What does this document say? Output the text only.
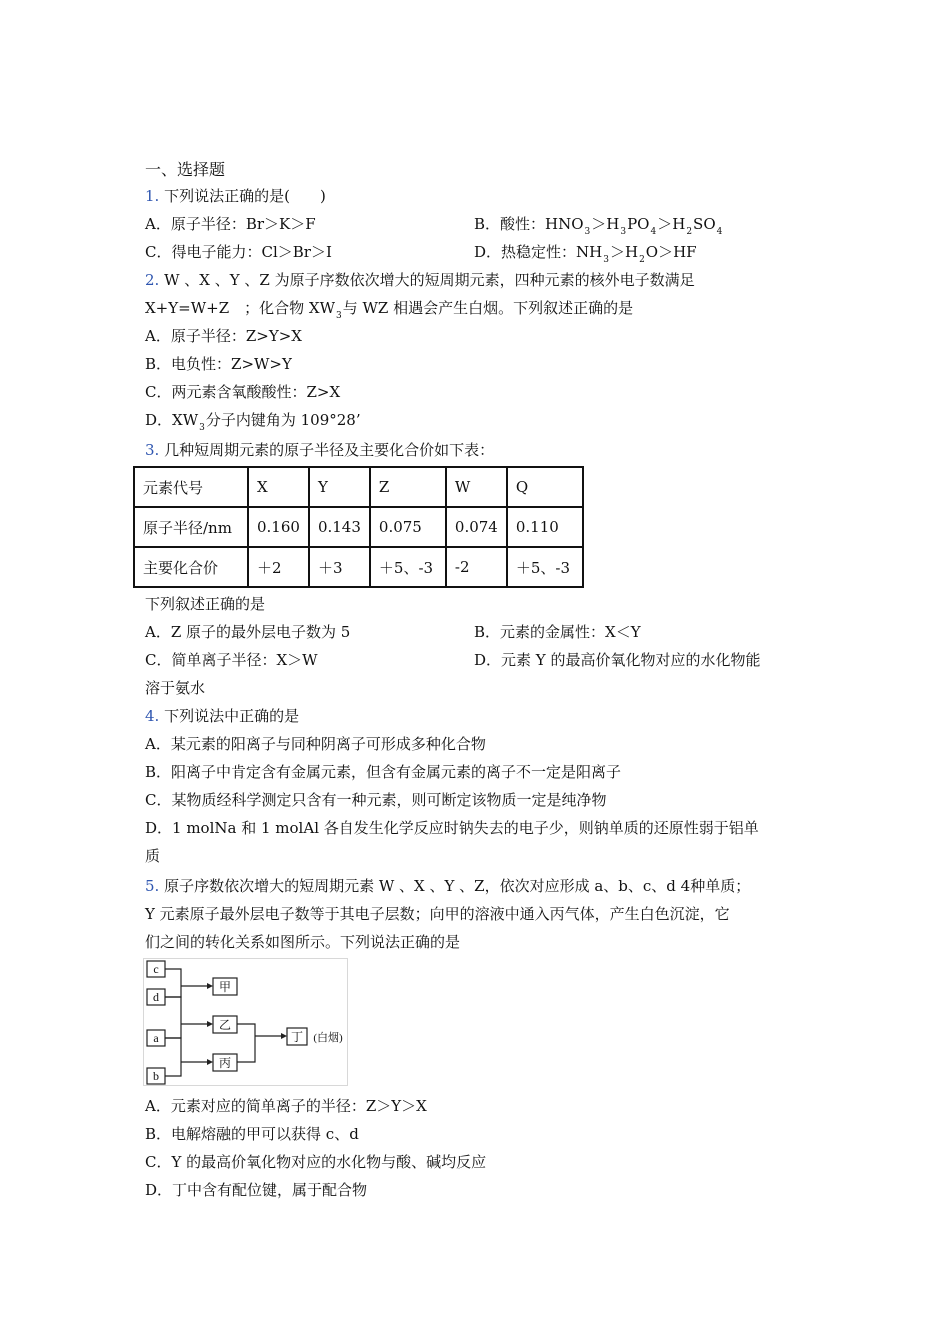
一、选择题
1. 下列说法正确的是(　　)
A．原子半径：Br＞K＞F	B．酸性：$HNO_3>H_3PO_4>H_2SO_4$
C．得电子能力：Cl＞Br＞I	D．热稳定性：$NH_3>H_2O>HF$
2. W 、X 、Y 、Z 为原子序数依次增大的短周期元素，四种元素的核外电子数满足
X+Y=W+Z　；化合物 $XW_3$与 WZ 相遇会产生白烟。下列叙述正确的是
A．原子半径：Z>Y>X
B．电负性：Z>W>Y
C．两元素含氧酸酸性：Z>X
D．$XW_3$分子内键角为 109°28’
3. 几种短周期元素的原子半径及主要化合价如下表：
元素代号	X	Y	Z	W	Q
原子半径/nm	0.160	0.143	0.075	0.074	0.110
主要化合价	＋2	＋3	＋5、-3	-2	＋5、-3
下列叙述正确的是
A．Z 原子的最外层电子数为 5	B．元素的金属性：X＜Y
C．简单离子半径：X＞W	D．元素 Y 的最高价氧化物对应的水化物能
溶于氨水
4. 下列说法中正确的是
A．某元素的阳离子与同种阴离子可形成多种化合物
B．阳离子中肯定含有金属元素，但含有金属元素的离子不一定是阳离子
C．某物质经科学测定只含有一种元素，则可断定该物质一定是纯净物
D．1 molNa 和 1 molAl 各自发生化学反应时钠失去的电子少，则钠单质的还原性弱于铝单
质
5. 原子序数依次增大的短周期元素 W 、X 、Y 、Z，依次对应形成 a、b、c、d 4种单质；
Y 元素原子最外层电子数等于其电子层数；向甲的溶液中通入丙气体，产生白色沉淀，它
们之间的转化关系如图所示。下列说法正确的是
c
d
a
b
甲
乙
丙
丁 (白烟)
A．元素对应的简单离子的半径：Z＞Y＞X
B．电解熔融的甲可以获得 c、d
C．Y 的最高价氧化物对应的水化物与酸、碱均反应
D．丁中含有配位键，属于配合物
